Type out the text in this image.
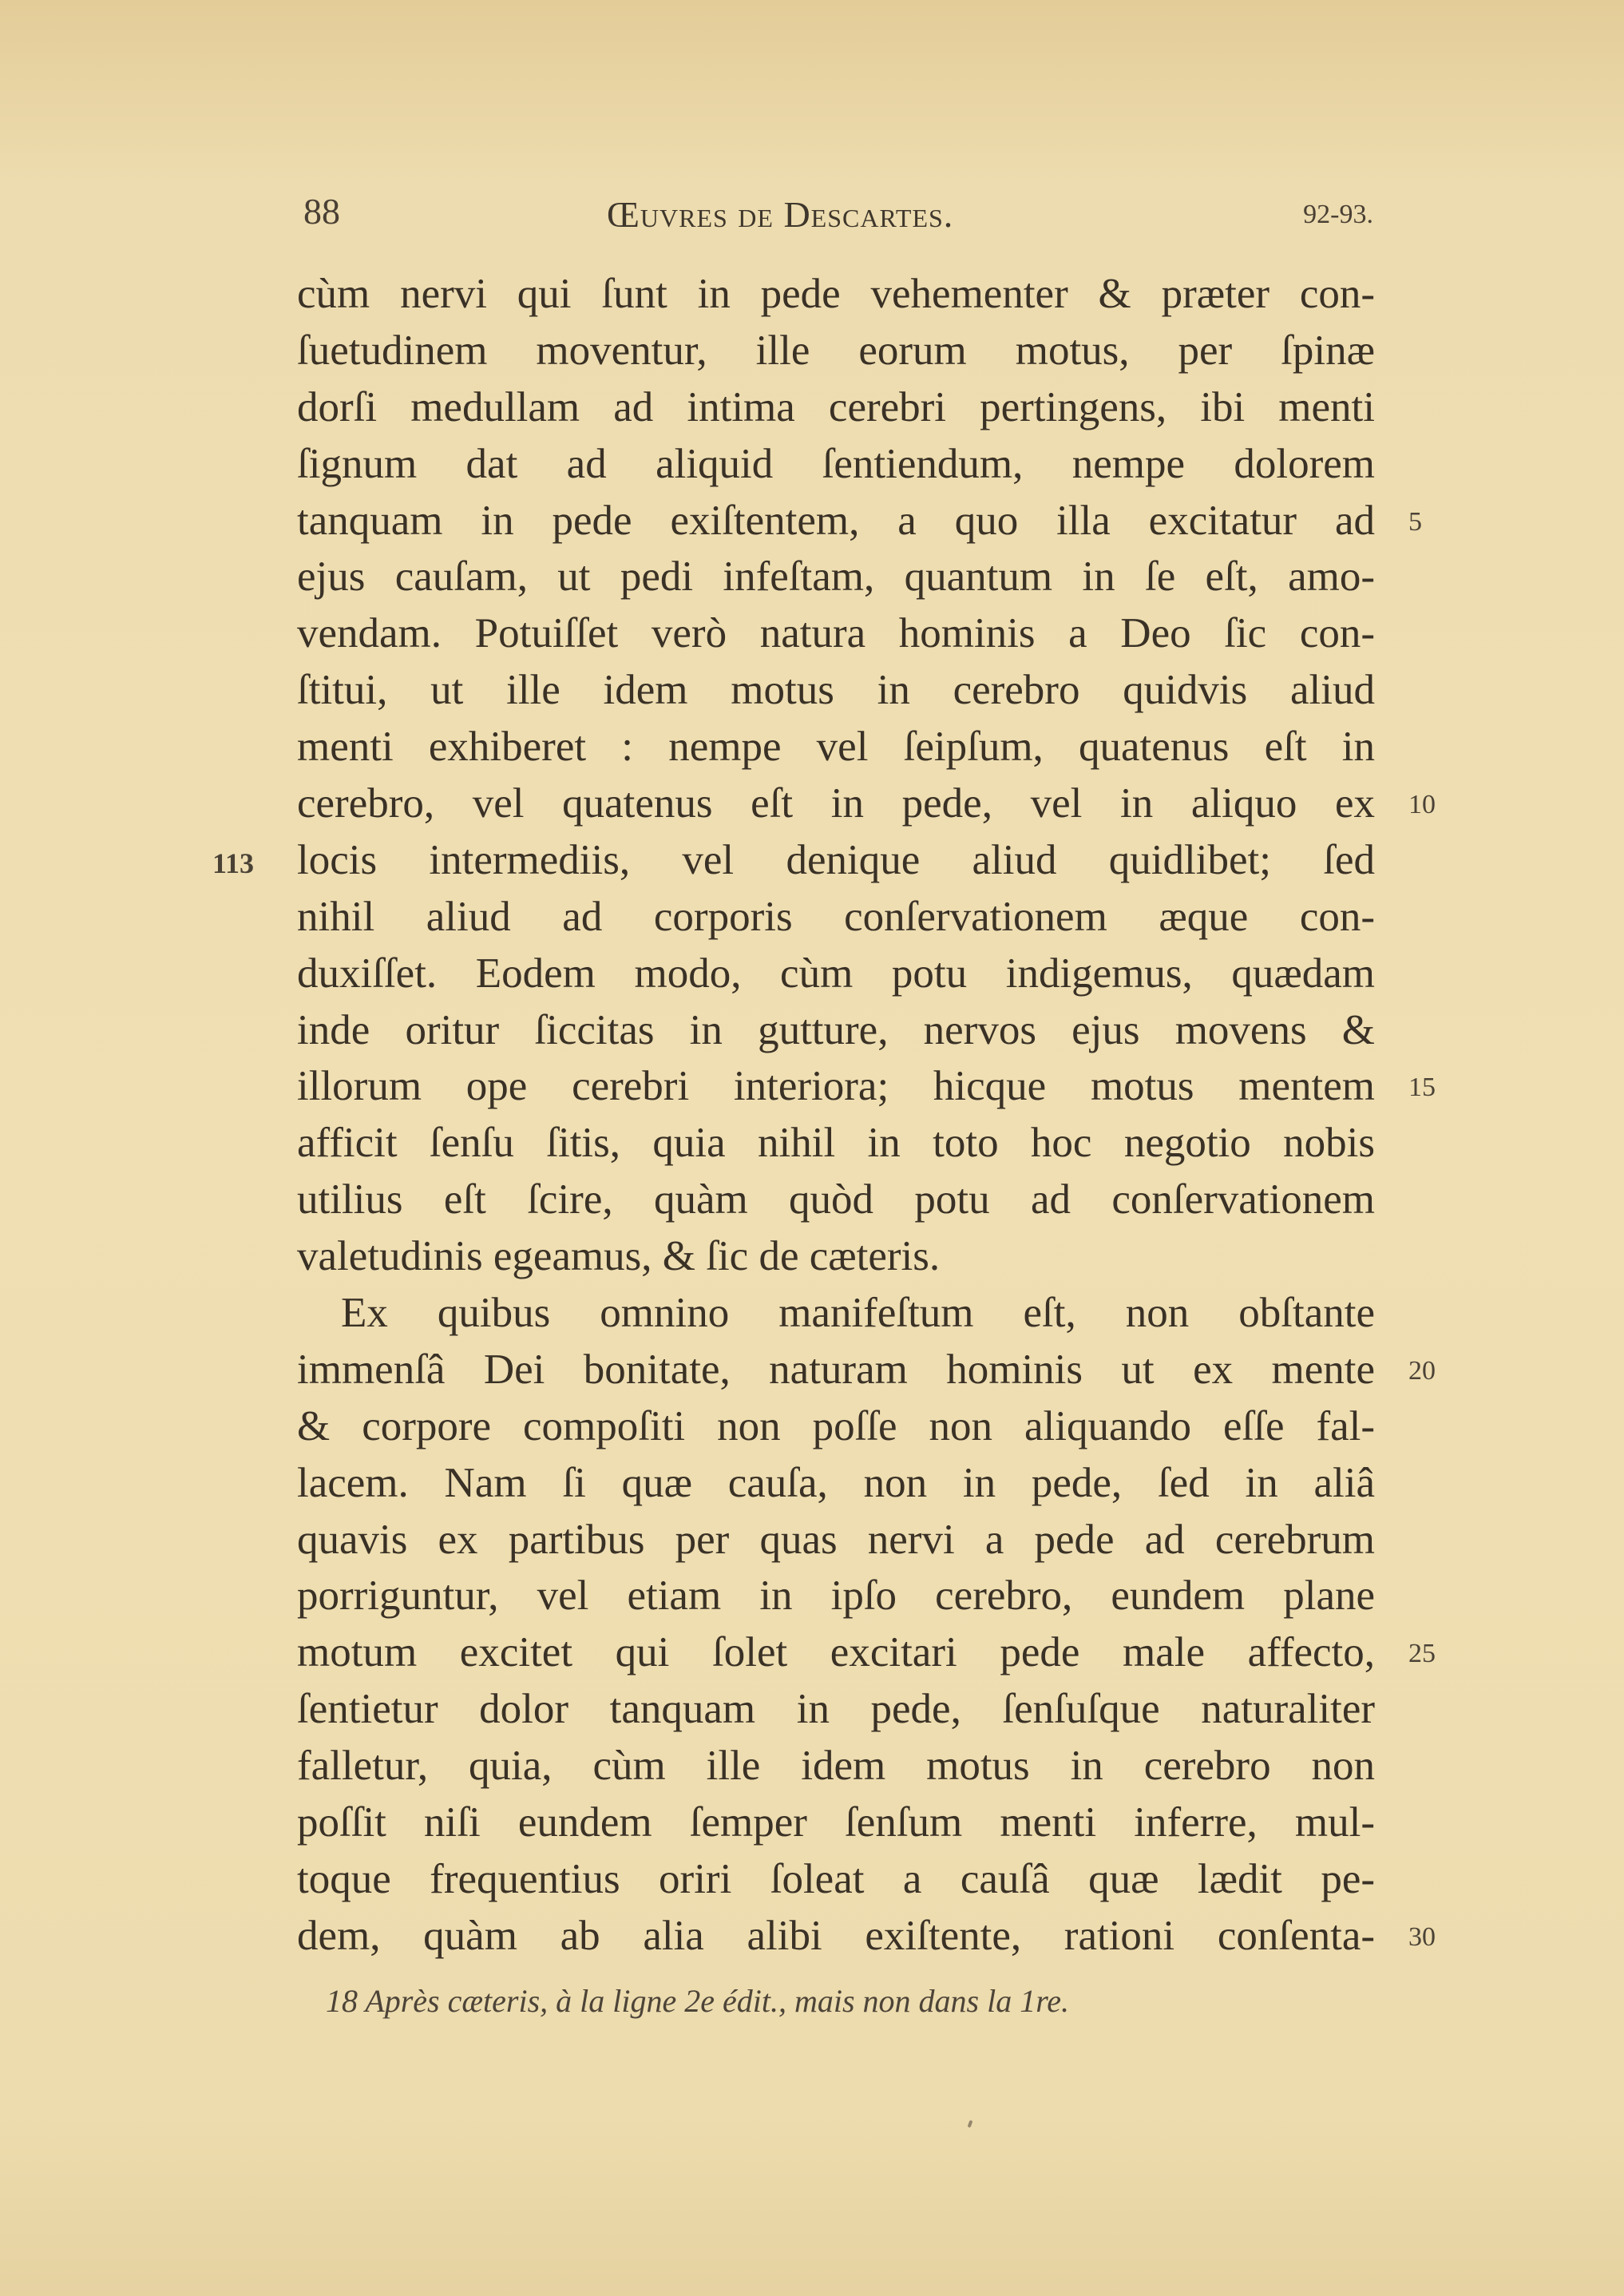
88	Œuvres de Descartes.	92-93.
cùm nervi qui ſunt in pede vehementer & præter con-
ſuetudinem moventur, ille eorum motus, per ſpinæ
dorſi medullam ad intima cerebri pertingens, ibi menti
ſignum dat ad aliquid ſentiendum, nempe dolorem
tanquam in pede exiſtentem, a quo illa excitatur ad 5
ejus cauſam, ut pedi infeſtam, quantum in ſe eſt, amo-
vendam. Potuiſſet verò natura hominis a Deo ſic con-
ſtitui, ut ille idem motus in cerebro quidvis aliud
menti exhiberet : nempe vel ſeipſum, quatenus eſt in
cerebro, vel quatenus eſt in pede, vel in aliquo ex 10
113 locis intermediis, vel denique aliud quidlibet; ſed
nihil aliud ad corporis conſervationem æque con-
duxiſſet. Eodem modo, cùm potu indigemus, quædam
inde oritur ſiccitas in gutture, nervos ejus movens &
illorum ope cerebri interiora; hicque motus mentem 15
afficit ſenſu ſitis, quia nihil in toto hoc negotio nobis
utilius eſt ſcire, quàm quòd potu ad conſervationem
valetudinis egeamus, & ſic de cæteris.
Ex quibus omnino manifeſtum eſt, non obſtante
immenſâ Dei bonitate, naturam hominis ut ex mente 20
& corpore compoſiti non poſſe non aliquando eſſe fal-
lacem. Nam ſi quæ cauſa, non in pede, ſed in aliâ
quavis ex partibus per quas nervi a pede ad cerebrum
porriguntur, vel etiam in ipſo cerebro, eundem plane
motum excitet qui ſolet excitari pede male affecto, 25
ſentietur dolor tanquam in pede, ſenſuſque naturaliter
falletur, quia, cùm ille idem motus in cerebro non
poſſit niſi eundem ſemper ſenſum menti inferre, mul-
toque frequentius oriri ſoleat a cauſâ quæ lædit pe-
dem, quàm ab alia alibi exiſtente, rationi conſenta- 30
18 Après cæteris, à la ligne 2e édit., mais non dans la 1re.
